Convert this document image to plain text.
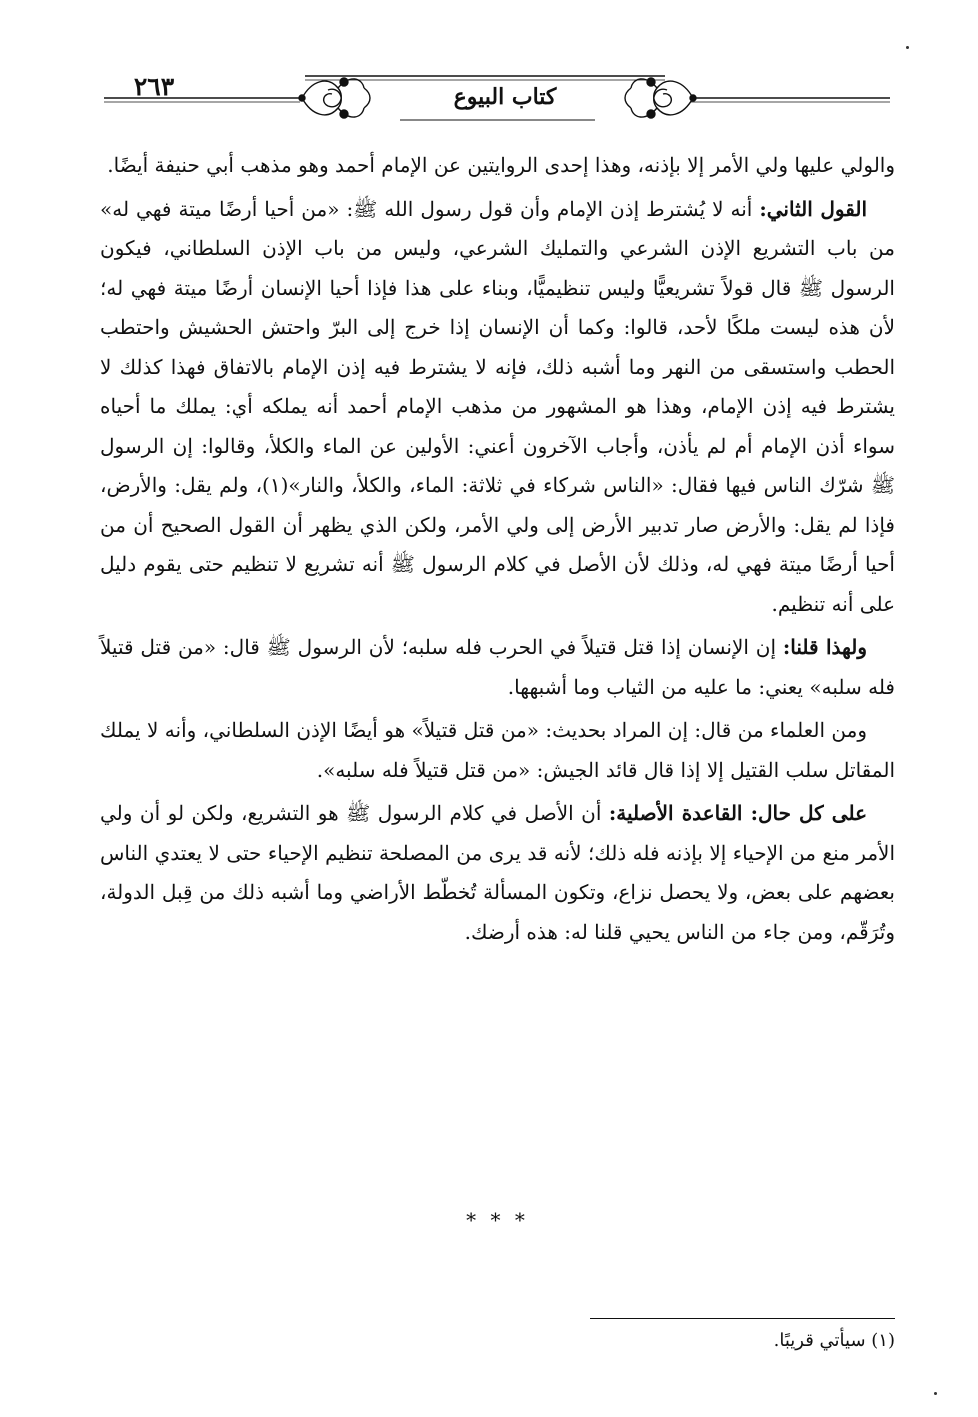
٢٦٣	كتاب البيوع

والولي عليها ولي الأمر إلا بإذنه، وهذا إحدى الروايتين عن الإمام أحمد وهو مذهب أبي حنيفة أيضًا.

القول الثاني: أنه لا يُشترط إذن الإمام وأن قول رسول الله ﷺ: «من أحيا أرضًا ميتة فهي له» من باب التشريع الإذن الشرعي والتمليك الشرعي، وليس من باب الإذن السلطاني، فيكون الرسول ﷺ قال قولاً تشريعيًّا وليس تنظيميًّا، وبناء على هذا فإذا أحيا الإنسان أرضًا ميتة فهي له؛ لأن هذه ليست ملكًا لأحد، قالوا: وكما أن الإنسان إذا خرج إلى البرّ واحتش الحشيش واحتطب الحطب واستسقى من النهر وما أشبه ذلك، فإنه لا يشترط فيه إذن الإمام بالاتفاق فهذا كذلك لا يشترط فيه إذن الإمام، وهذا هو المشهور من مذهب الإمام أحمد أنه يملكه أي: يملك ما أحياه سواء أذن الإمام أم لم يأذن، وأجاب الآخرون أعني: الأولين عن الماء والكلأ، وقالوا: إن الرسول ﷺ شرّك الناس فيها فقال: «الناس شركاء في ثلاثة: الماء، والكلأ، والنار»(١)، ولم يقل: والأرض، فإذا لم يقل: والأرض صار تدبير الأرض إلى ولي الأمر، ولكن الذي يظهر أن القول الصحيح أن من أحيا أرضًا ميتة فهي له، وذلك لأن الأصل في كلام الرسول ﷺ أنه تشريع لا تنظيم حتى يقوم دليل على أنه تنظيم.

ولهذا قلنا: إن الإنسان إذا قتل قتيلاً في الحرب فله سلبه؛ لأن الرسول ﷺ قال: «من قتل قتيلاً فله سلبه» يعني: ما عليه من الثياب وما أشبهها.

ومن العلماء من قال: إن المراد بحديث: «من قتل قتيلاً» هو أيضًا الإذن السلطاني، وأنه لا يملك المقاتل سلب القتيل إلا إذا قال قائد الجيش: «من قتل قتيلاً فله سلبه».

على كل حال: القاعدة الأصلية: أن الأصل في كلام الرسول ﷺ هو التشريع، ولكن لو أن ولي الأمر منع من الإحياء إلا بإذنه فله ذلك؛ لأنه قد يرى من المصلحة تنظيم الإحياء حتى لا يعتدي الناس بعضهم على بعض، ولا يحصل نزاع، وتكون المسألة تُخطّط الأراضي وما أشبه ذلك من قِبل الدولة، وتُرَقّم، ومن جاء من الناس يحيي قلنا له: هذه أرضك.

* * *
(١) سيأتي قريبًا.
